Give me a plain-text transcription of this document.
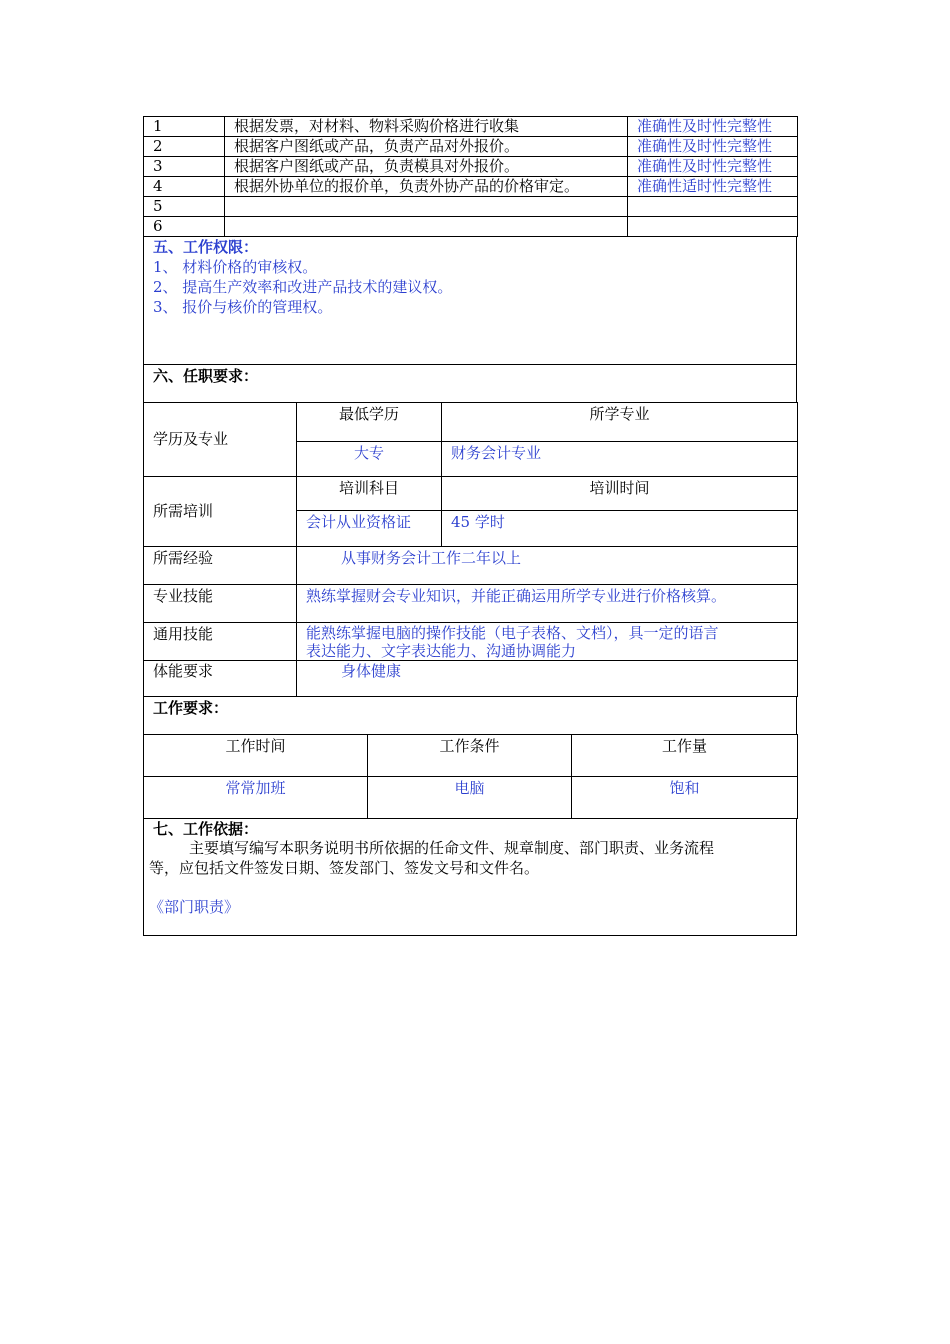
1	根据发票，对材料、物料采购价格进行收集	准确性及时性完整性
2	根据客户图纸或产品，负责产品对外报价。	准确性及时性完整性
3	根据客户图纸或产品，负责模具对外报价。	准确性及时性完整性
4	根据外协单位的报价单，负责外协产品的价格审定。	准确性适时性完整性
5		
6		
五、工作权限：
1、 材料价格的审核权。
2、 提高生产效率和改进产品技术的建议权。
3、 报价与核价的管理权。
六、任职要求：
学历及专业	最低学历	所学专业
	大专	财务会计专业
所需培训	培训科目	培训时间
	会计从业资格证	45 学时
所需经验	从事财务会计工作二年以上	
专业技能	熟练掌握财会专业知识，并能正确运用所学专业进行价格核算。	
通用技能	能熟练掌握电脑的操作技能（电子表格、文档），具一定的语言
表达能力、文字表达能力、沟通协调能力	

体能要求	身体健康	
工作要求：
工作时间	工作条件	工作量
常常加班	电脑	饱和
七、工作依据：
主要填写编写本职务说明书所依据的任命文件、规章制度、部门职责、业务流程
等，应包括文件签发日期、签发部门、签发文号和文件名。
《部门职责》
